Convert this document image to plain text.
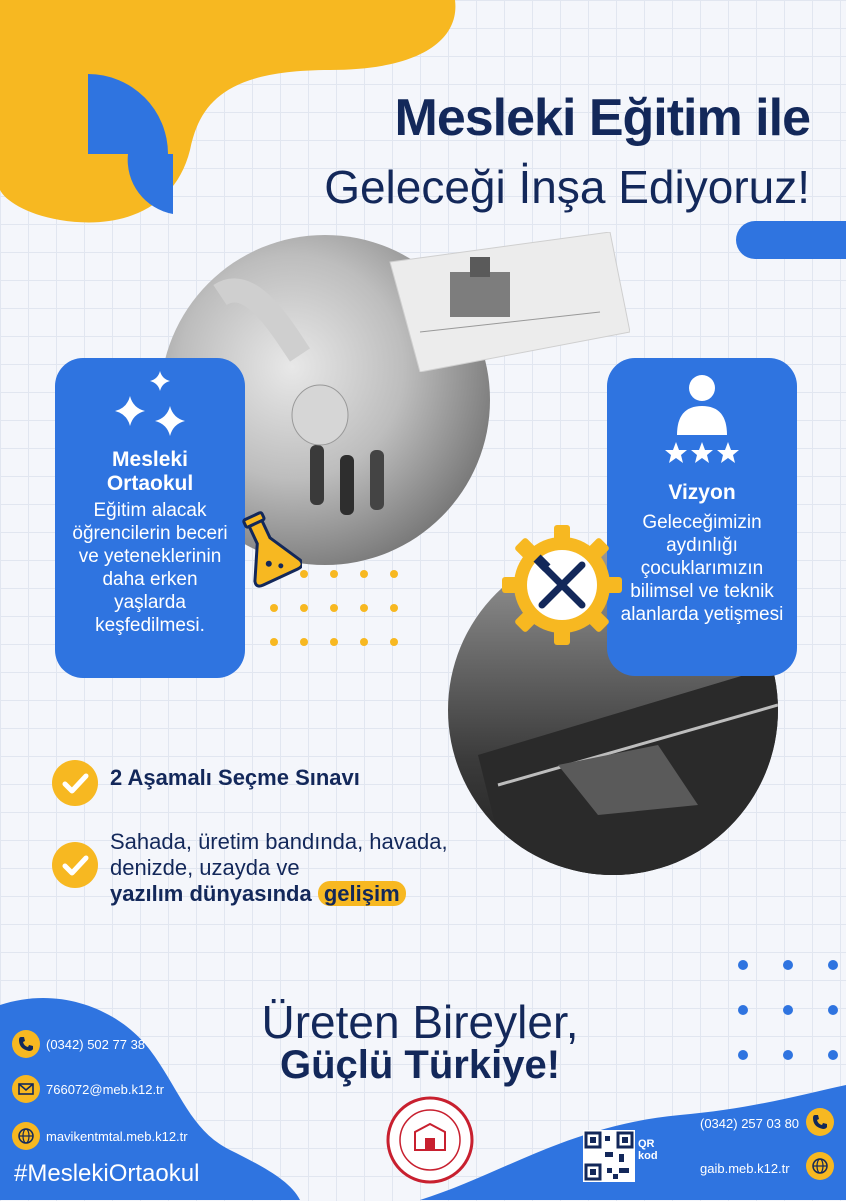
Mesleki Eğitim ile
Geleceği İnşa Ediyoruz!
Mesleki Ortaokul
Eğitim alacak öğrencilerin beceri ve yeteneklerinin daha erken yaşlarda keşfedilmesi.
Vizyon
Geleceğimizin aydınlığı çocuklarımızın bilimsel ve teknik alanlarda yetişmesi
2 Aşamalı Seçme Sınavı
Sahada, üretim bandında, havada, denizde, uzayda ve
yazılım dünyasında gelişim
Üreten Bireyler,
Güçlü Türkiye!
(0342) 502 77 38
766072@meb.k12.tr
mavikentmtal.meb.k12.tr
#MeslekiOrtaokul
QR kod
(0342) 257 03 80
gaib.meb.k12.tr
